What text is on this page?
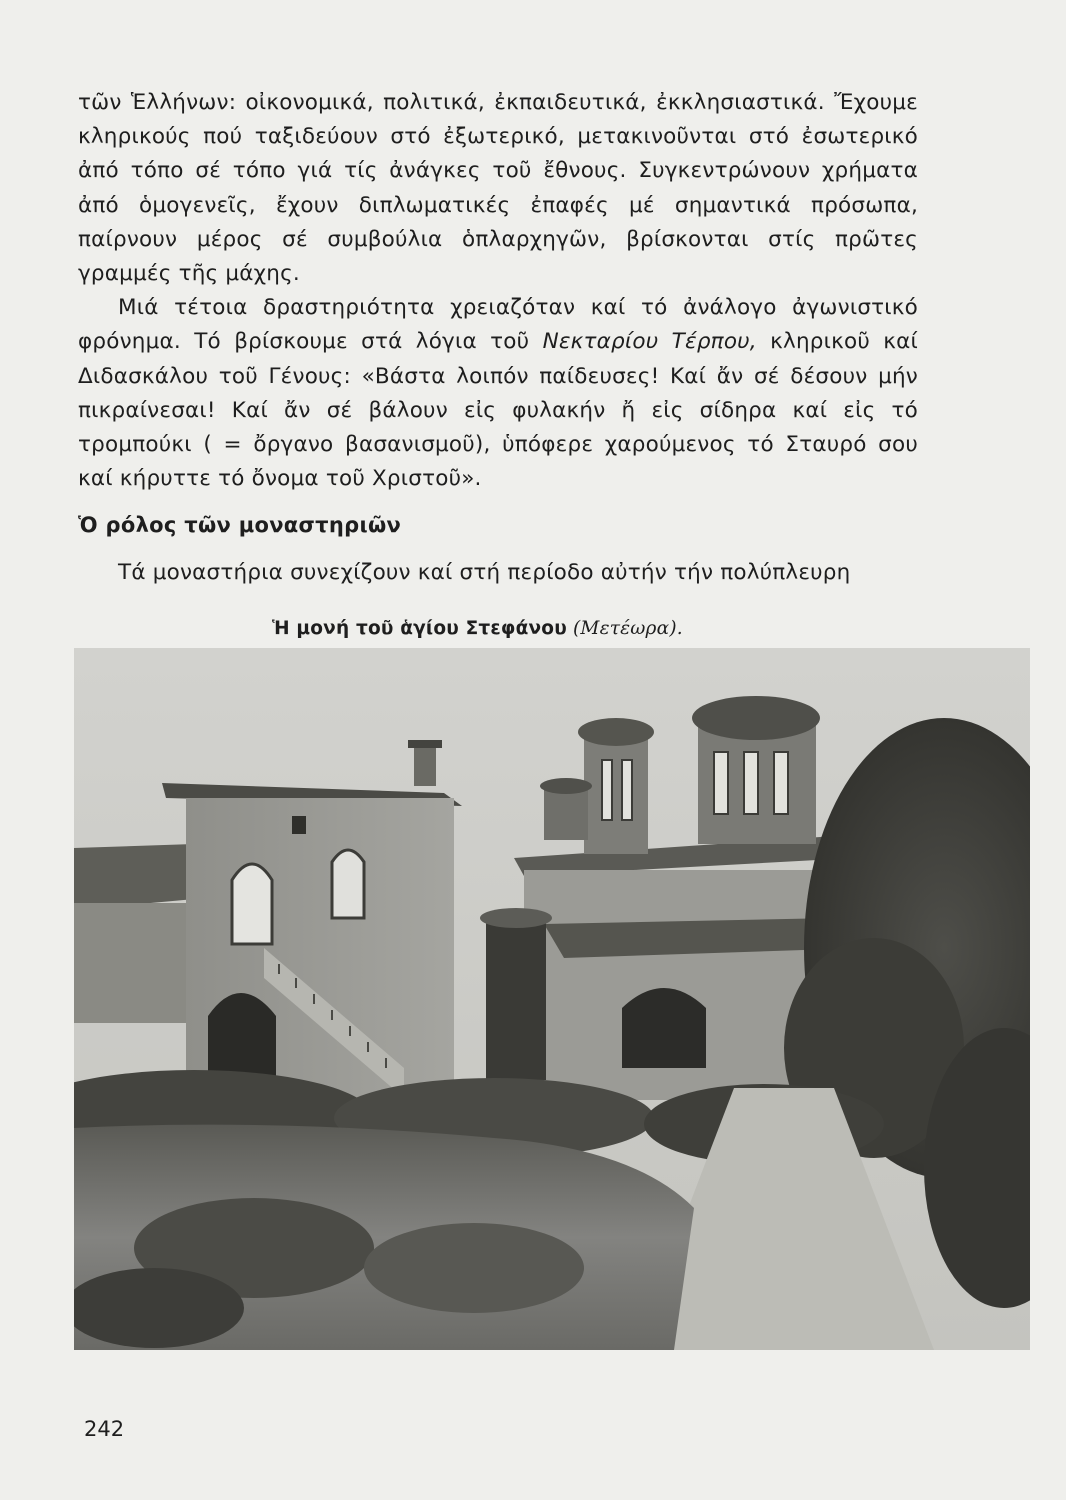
τῶν Ἑλλήνων: οἰκονομικά, πολιτικά, ἐκπαιδευτικά, ἐκκλησιαστικά. Ἔχουμε κληρικούς πού ταξιδεύουν στό ἐξωτερικό, μετακινοῦνται στό ἐσωτερικό ἀπό τόπο σέ τόπο γιά τίς ἀνάγκες τοῦ ἔθνους. Συγκεντρώνουν χρήματα ἀπό ὁμογενεῖς, ἔχουν διπλωματικές ἐπαφές μέ σημαντικά πρόσωπα, παίρνουν μέρος σέ συμβούλια ὁπλαρχηγῶν, βρίσκονται στίς πρῶτες γραμμές τῆς μάχης.

Μιά τέτοια δραστηριότητα χρειαζόταν καί τό ἀνάλογο ἀγωνιστικό φρόνημα. Τό βρίσκουμε στά λόγια τοῦ Νεκταρίου Τέρπου, κληρικοῦ καί Διδασκάλου τοῦ Γένους: «Βάστα λοιπόν παίδευσες! Καί ἄν σέ δέσουν μήν πικραίνεσαι! Καί ἄν σέ βάλουν εἰς φυλακήν ἤ εἰς σίδηρα καί εἰς τό τρομπούκι ( = ὄργανο βασανισμοῦ), ὑπόφερε χαρούμενος τό Σταυρό σου καί κήρυττε τό ὄνομα τοῦ Χριστοῦ».

Ὁ ρόλος τῶν μοναστηριῶν
Τά μοναστήρια συνεχίζουν καί στή περίοδο αὐτήν τήν πολύπλευρη
Ἡ μονή τοῦ ἁγίου Στεφάνου (Μετέωρα).
242
